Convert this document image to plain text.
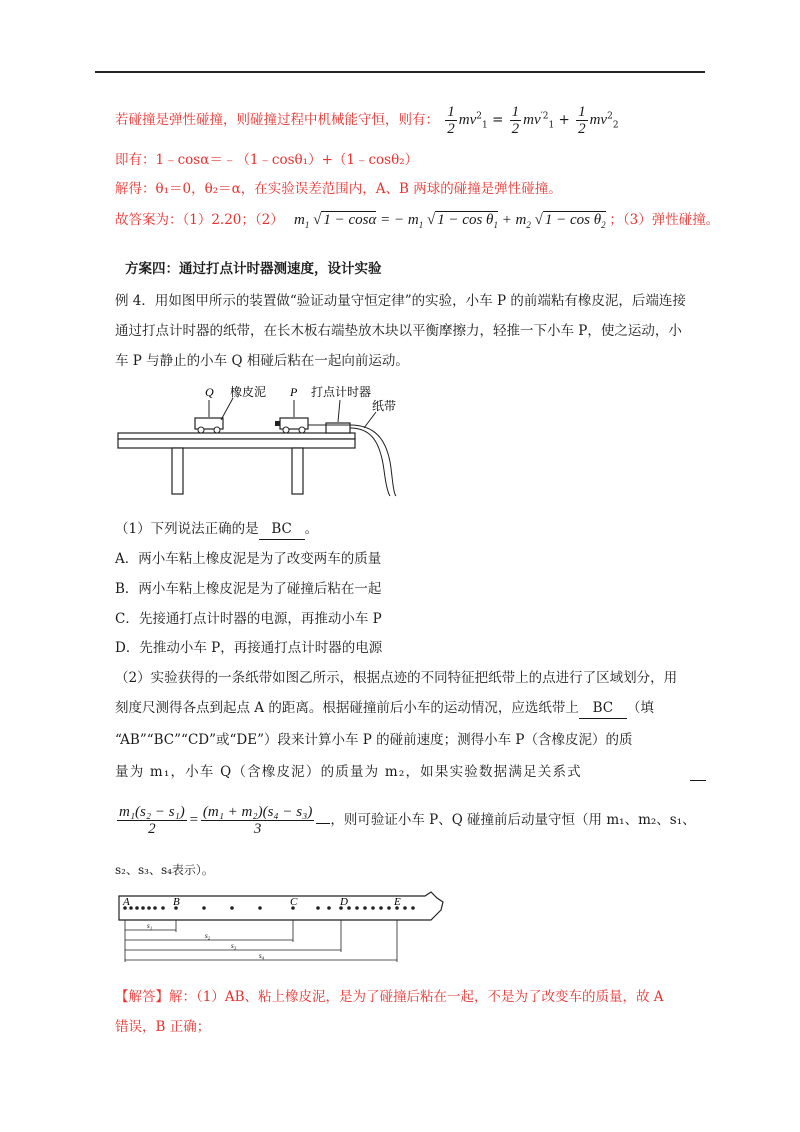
若碰撞是弹性碰撞，则碰撞过程中机械能守恒，则有： $\frac{1}{2} mv^2_1 = \frac{1}{2} mv^{'2}_1 + \frac{1}{2} mv^2_2$
即有：1﹣cosα＝﹣（1﹣cosθ₁）+（1﹣cosθ₂）
解得：θ₁＝0，θ₂＝α，在实验误差范围内，A、B 两球的碰撞是弹性碰撞。
故答案为：（1）2.20；（2） $m_1$ √ 1 − cosα = − $m_1$ √ $1 - \cos \theta_1 + m_2$ √ $1 - \cos \theta_2$ ；（3）弹性碰撞。
方案四：通过打点计时器测速度，设计实验
例 4．用如图甲所示的装置做“验证动量守恒定律”的实验，小车 P 的前端粘有橡皮泥，后端连接
通过打点计时器的纸带，在长木板右端垫放木块以平衡摩擦力，轻推一下小车 P，使之运动，小
车 P 与静止的小车 Q 相碰后粘在一起向前运动。
Q 橡皮泥 P 打点计时器
纸带
（1）下列说法正确的是 BC 。
A．两小车粘上橡皮泥是为了改变两车的质量
B．两小车粘上橡皮泥是为了碰撞后粘在一起
C．先接通打点计时器的电源，再推动小车 P
D．先推动小车 P，再接通打点计时器的电源
（2）实验获得的一条纸带如图乙所示，根据点迹的不同特征把纸带上的点进行了区域划分，用
刻度尺测得各点到起点 A 的距离。根据碰撞前后小车的运动情况，应选纸带上 BC （填
“AB”“BC”“CD”或“DE”）段来计算小车 P 的碰前速度；测得小车 P（含橡皮泥）的质
量为 m₁，小车 Q（含橡皮泥）的质量为 m₂，如果实验数据满足关系式
$\frac{\text{m₁(s₂ − s₁)}}{2} = \frac{\text{(m₁ + m₂)(s₄ − s₃)}}{3}$ ，则可验证小车 P、Q 碰撞前后动量守恒（用 m₁、m₂、s₁、
s₂、s₃、s₄表示）。
A	B	C	D	E
s₁
s₂
s₃
s₄
【解答】解：（1）AB、粘上橡皮泥，是为了碰撞后粘在一起，不是为了改变车的质量，故 A
错误，B 正确；
